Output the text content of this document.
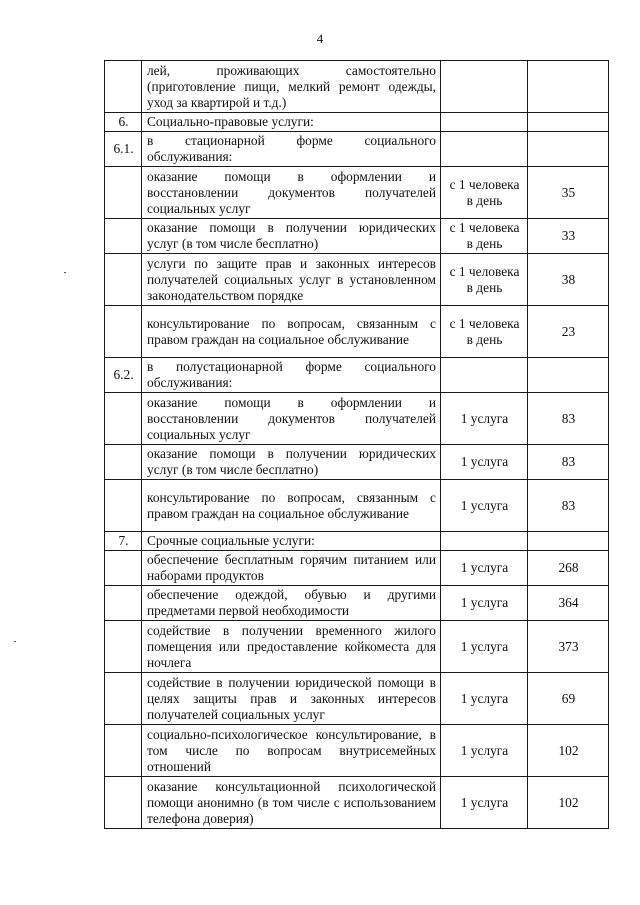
4
	лей, проживающих самостоятельно (приготовление пищи, мелкий ремонт одежды, уход за квартирой и т.д.)		
6.	Социально-правовые услуги:		
6.1.	в стационарной форме социального обслуживания:		
	оказание помощи в оформлении и восстановлении документов получателей социальных услуг	с 1 человека в день	35
	оказание помощи в получении юридических услуг (в том числе бесплатно)	с 1 человека в день	33
	услуги по защите прав и законных интересов получателей социальных услуг в установленном законодательством порядке	с 1 человека в день	38
	консультирование по вопросам, связанным с правом граждан на социальное обслуживание	с 1 человека в день	23
6.2.	в полустационарной форме социального обслуживания:		
	оказание помощи в оформлении и восстановлении документов получателей социальных услуг	1 услуга	83
	оказание помощи в получении юридических услуг (в том числе бесплатно)	1 услуга	83
	консультирование по вопросам, связанным с правом граждан на социальное обслуживание	1 услуга	83
7.	Срочные социальные услуги:		
	обеспечение бесплатным горячим питанием или наборами продуктов	1 услуга	268
	обеспечение одеждой, обувью и другими предметами первой необходимости	1 услуга	364
	содействие в получении временного жилого помещения или предоставление койкоместа для ночлега	1 услуга	373
	содействие в получении юридической помощи в целях защиты прав и законных интересов получателей социальных услуг	1 услуга	69
	социально-психологическое консультирование, в том числе по вопросам внутрисемейных отношений	1 услуга	102
	оказание консультационной психологической помощи анонимно (в том числе с использованием телефона доверия)	1 услуга	102
